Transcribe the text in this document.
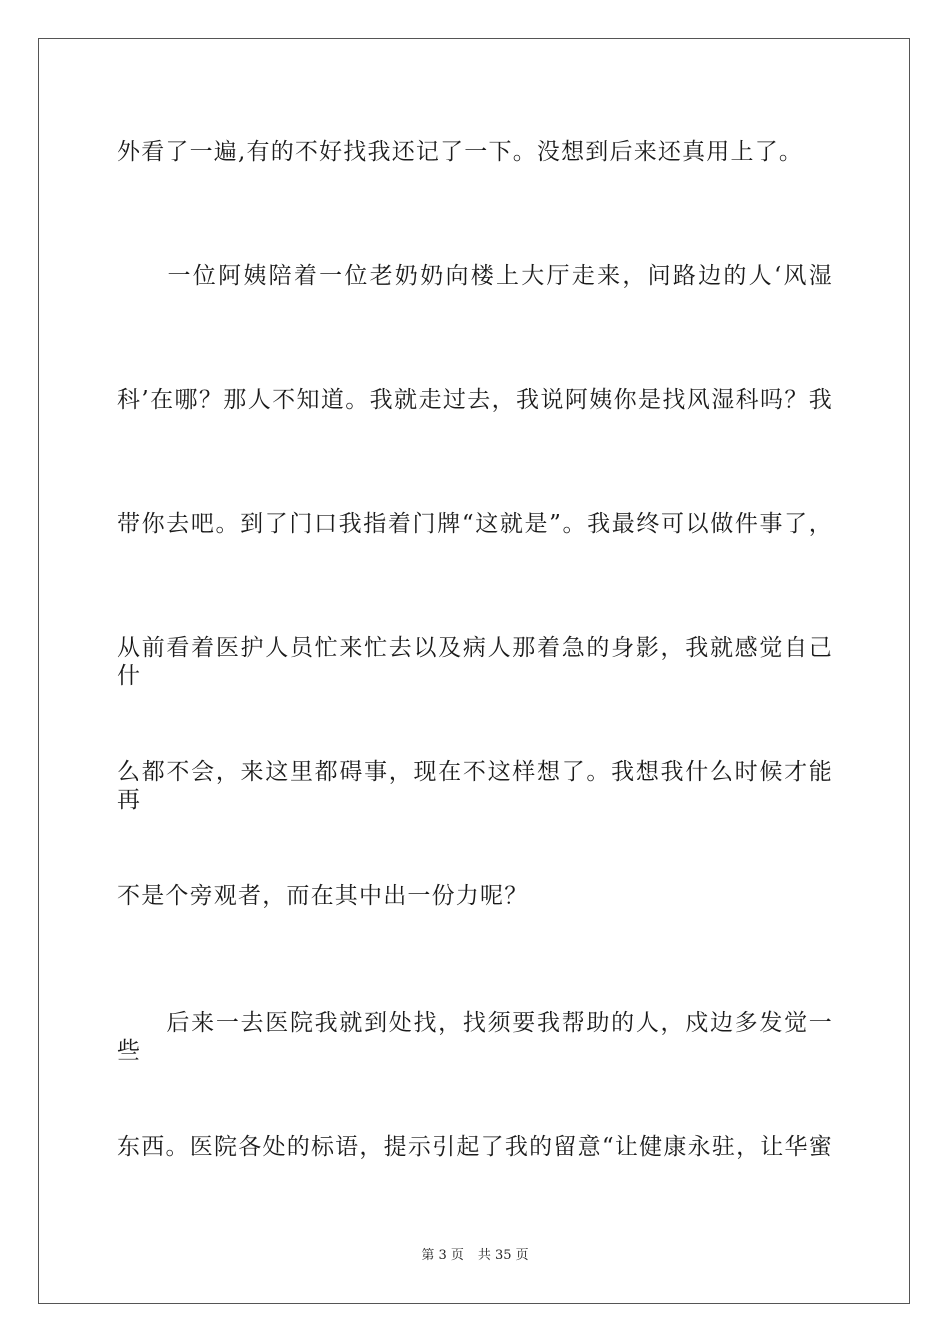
外看了一遍,有的不好找我还记了一下。没想到后来还真用上了。
　　一位阿姨陪着一位老奶奶向楼上大厅走来，问路边的人‘风湿
科’在哪？那人不知道。我就走过去，我说阿姨你是找风湿科吗？我
带你去吧。到了门口我指着门牌“这就是”。我最终可以做件事了，
从前看着医护人员忙来忙去以及病人那着急的身影，我就感觉自己什
么都不会，来这里都碍事，现在不这样想了。我想我什么时候才能再
不是个旁观者，而在其中出一份力呢？
　　后来一去医院我就到处找，找须要我帮助的人，戍边多发觉一些
东西。医院各处的标语，提示引起了我的留意“让健康永驻，让华蜜
第 3 页 共 35 页
